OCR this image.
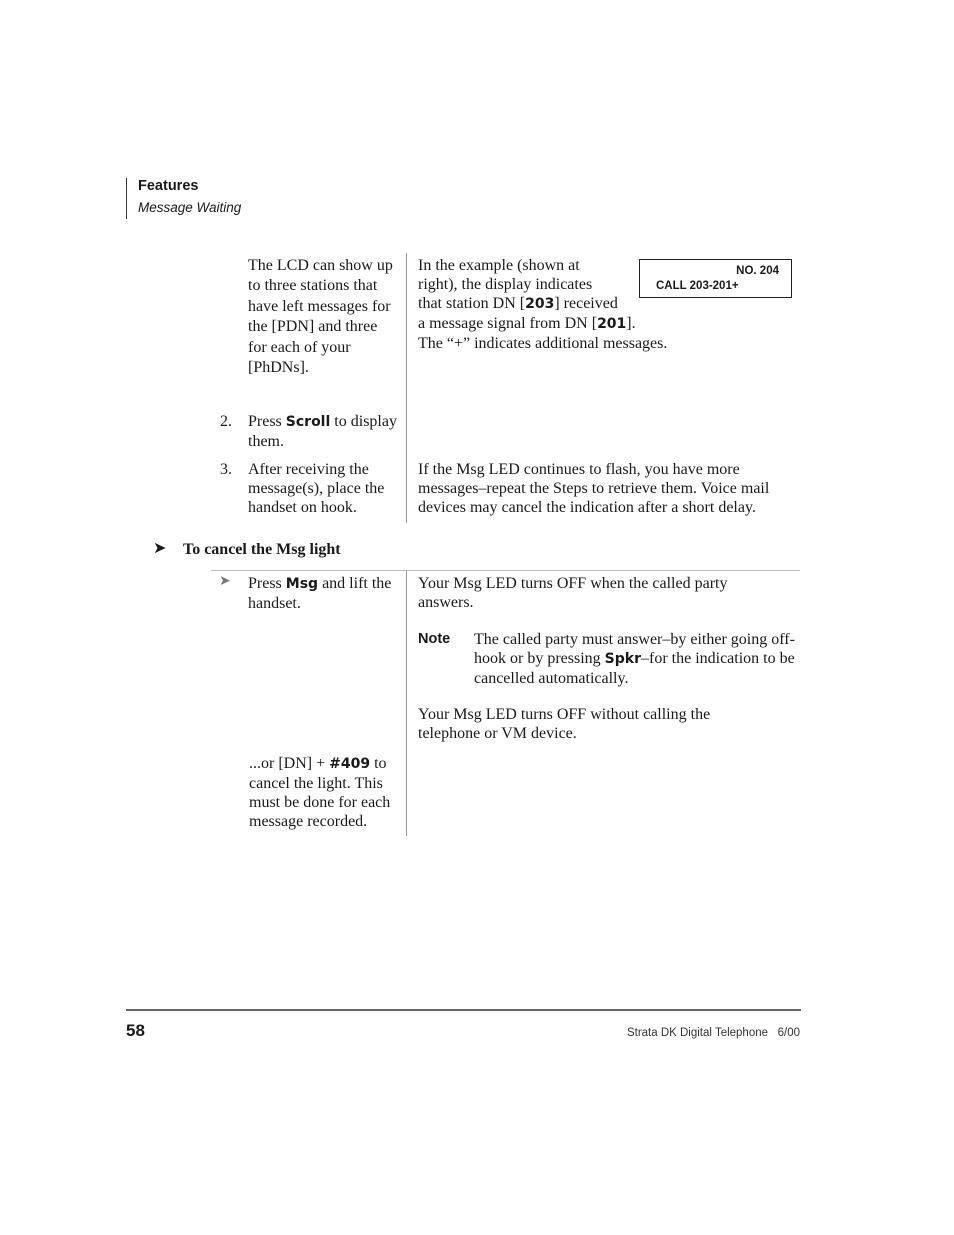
Features
Message Waiting
The LCD can show up to three stations that have left messages for the [PDN] and three for each of your [PhDNs].
In the example (shown at
right), the display indicates
that station DN [203] received
a message signal from DN [201].
The “+” indicates additional messages.
NO. 204
CALL 203-201+
2. Press Scroll to display them.
3. After receiving the message(s), place the handset on hook.
If the Msg LED continues to flash, you have more messages–repeat the Steps to retrieve them. Voice mail devices may cancel the indication after a short delay.
➤ To cancel the Msg light
➤ Press Msg and lift the handset.
Your Msg LED turns OFF when the called party answers.
Note The called party must answer–by either going off-hook or by pressing Spkr–for the indication to be cancelled automatically.
Your Msg LED turns OFF without calling the telephone or VM device.
...or [DN] + #409 to cancel the light. This must be done for each message recorded.
58	Strata DK Digital Telephone   6/00
